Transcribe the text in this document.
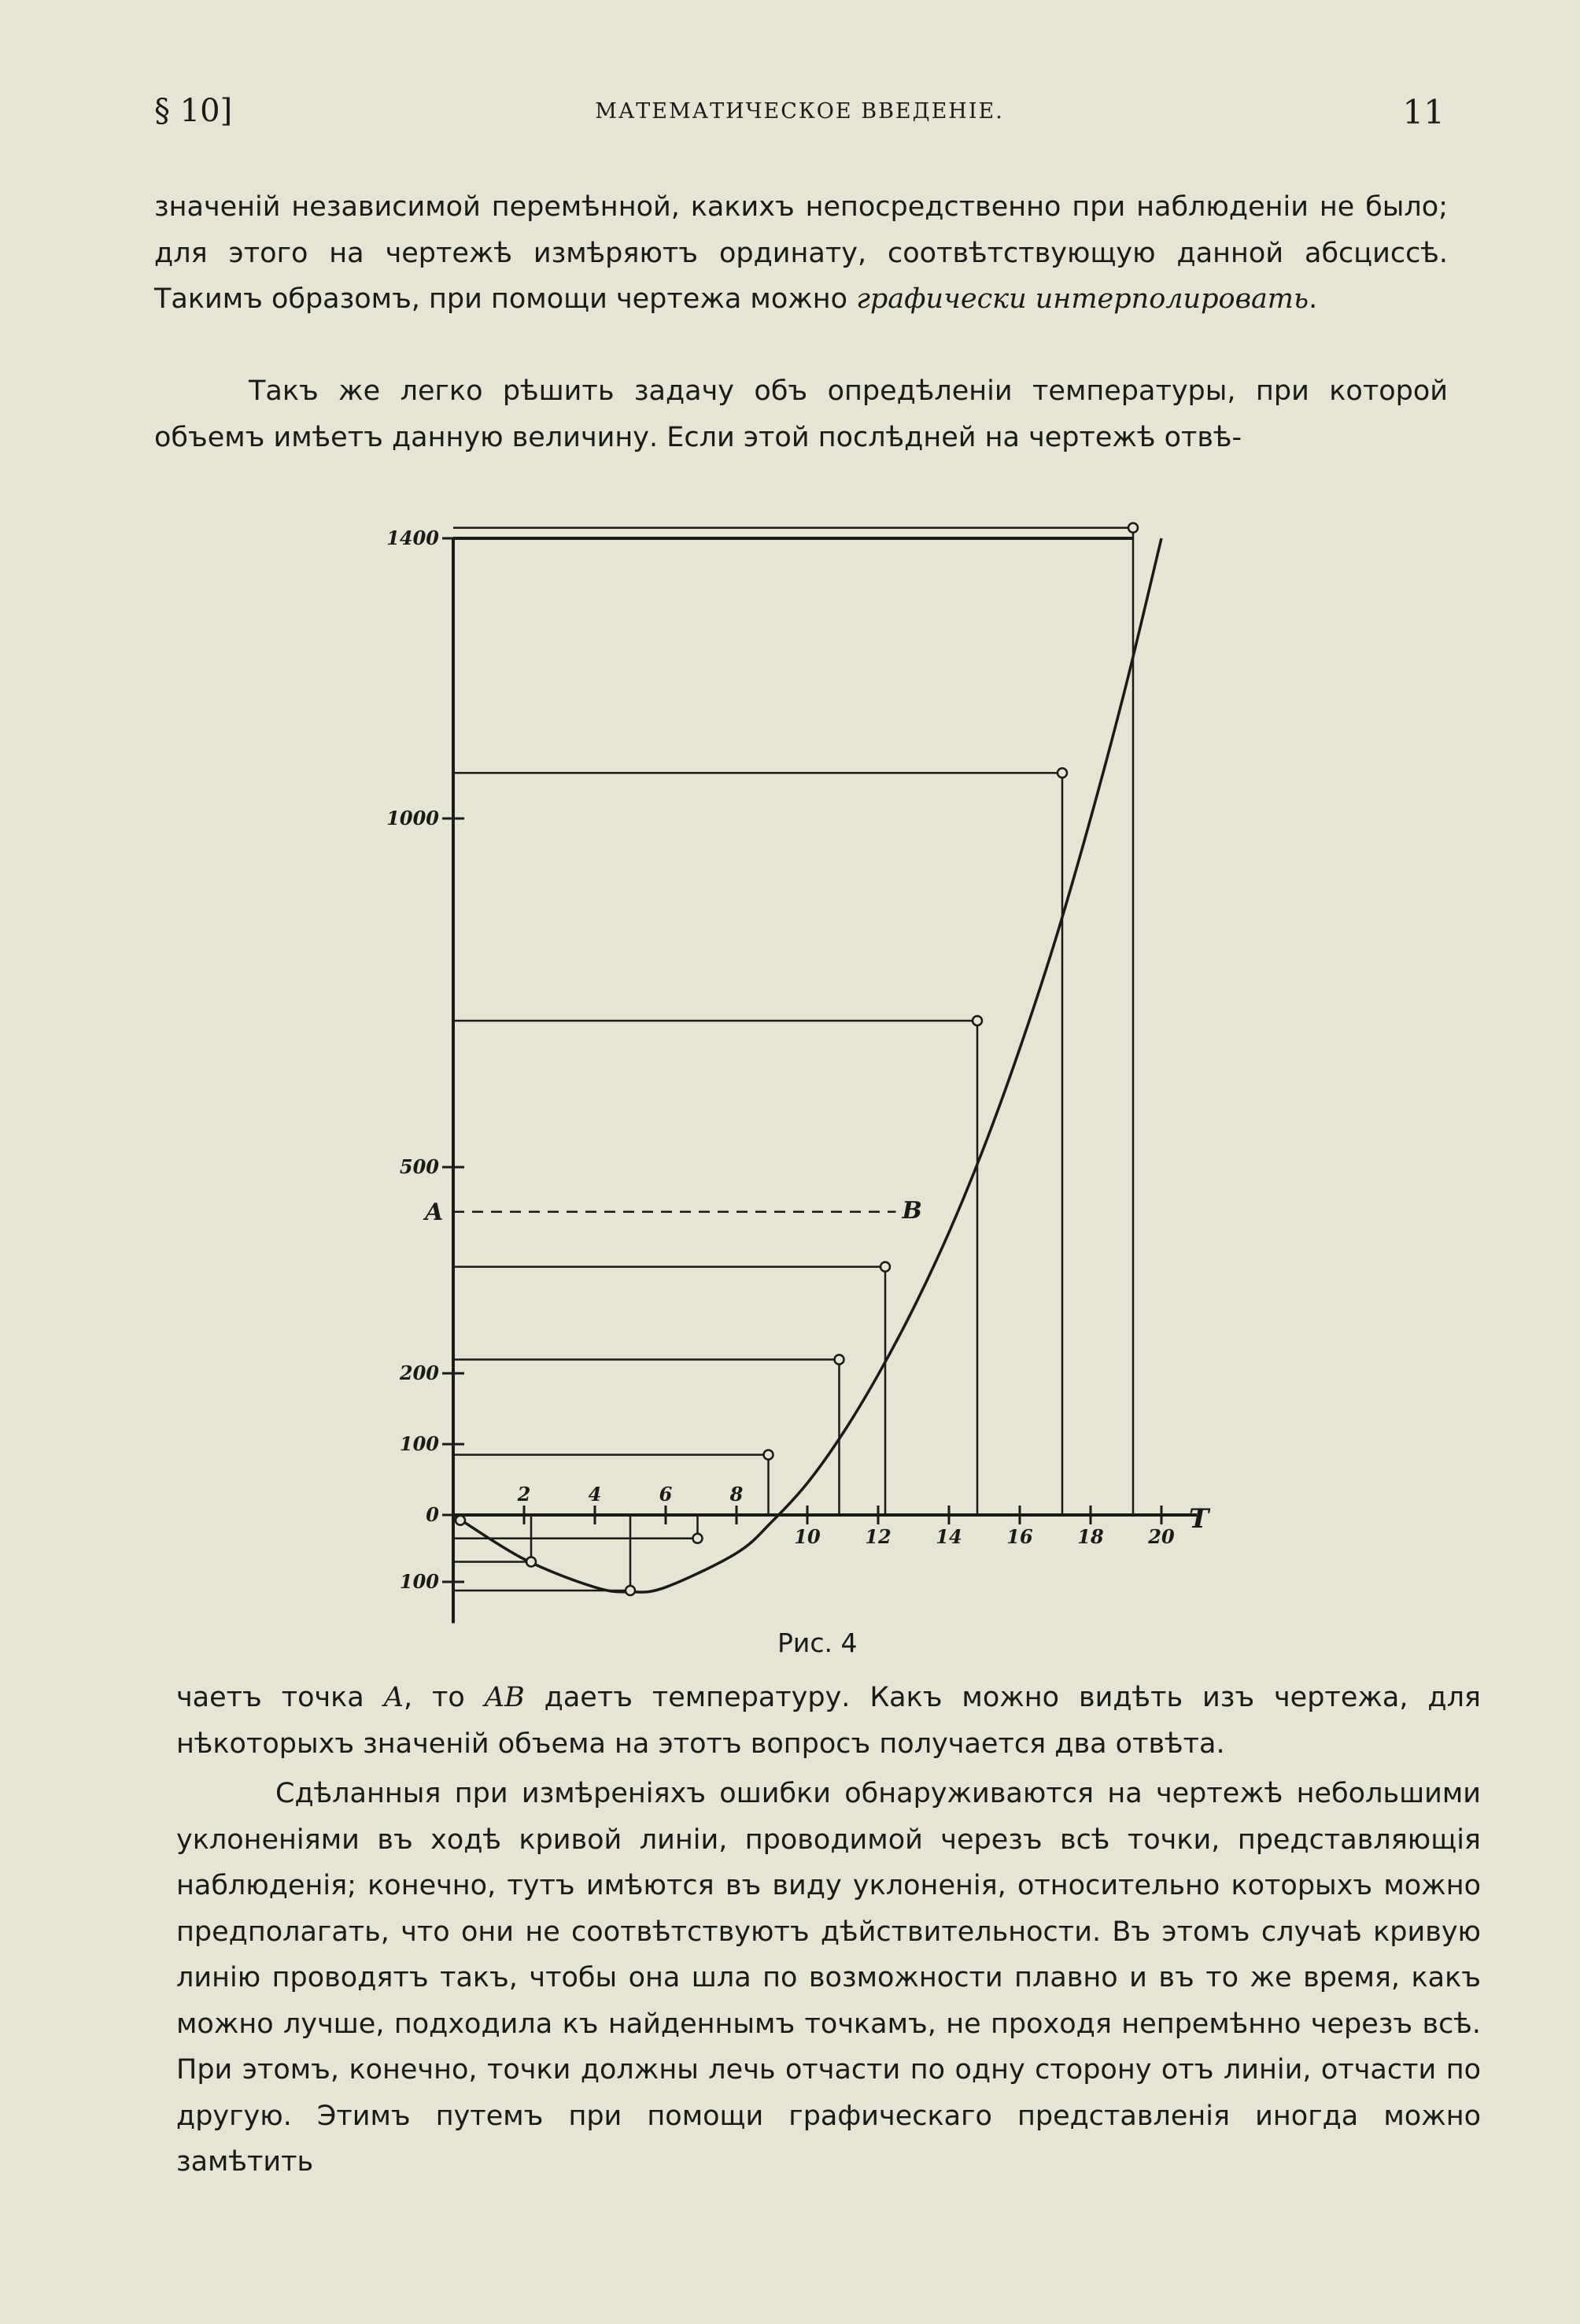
§ 10]	МАТЕМАТИЧЕСКОЕ ВВЕДЕНІЕ.	11

значеній независимой перемѣнной, какихъ непосредственно при наблюденіи не было; для этого на чертежѣ измѣряютъ ординату, соотвѣтствующую данной абсциссѣ. Такимъ образомъ, при помощи чертежа можно графически интерполировать.

Такъ же легко рѣшить задачу объ опредѣленіи температуры, при которой объемъ имѣетъ данную величину. Если этой послѣдней на чертежѣ отвѣ-

2	4	6	8
10 12 14 16 18 20
T
1400
1000
500
200
100
0
100
A	B
Рис. 4

чаетъ точка A, то AB даетъ температуру. Какъ можно видѣть изъ чертежа, для нѣкоторыхъ значеній объема на этотъ вопросъ получается два отвѣта.

Сдѣланныя при измѣреніяхъ ошибки обнаруживаются на чертежѣ небольшими уклоненіями въ ходѣ кривой линіи, проводимой черезъ всѣ точки, представляющія наблюденія; конечно, тутъ имѣются въ виду уклоненія, относительно которыхъ можно предполагать, что они не соотвѣтствуютъ дѣйствительности. Въ этомъ случаѣ кривую линію проводятъ такъ, чтобы она шла по возможности плавно и въ то же время, какъ можно лучше, подходила къ найденнымъ точкамъ, не проходя непремѣнно черезъ всѣ. При этомъ, конечно, точки должны лечь отчасти по одну сторону отъ линіи, отчасти по другую. Этимъ путемъ при помощи графическаго представленія иногда можно замѣтить
